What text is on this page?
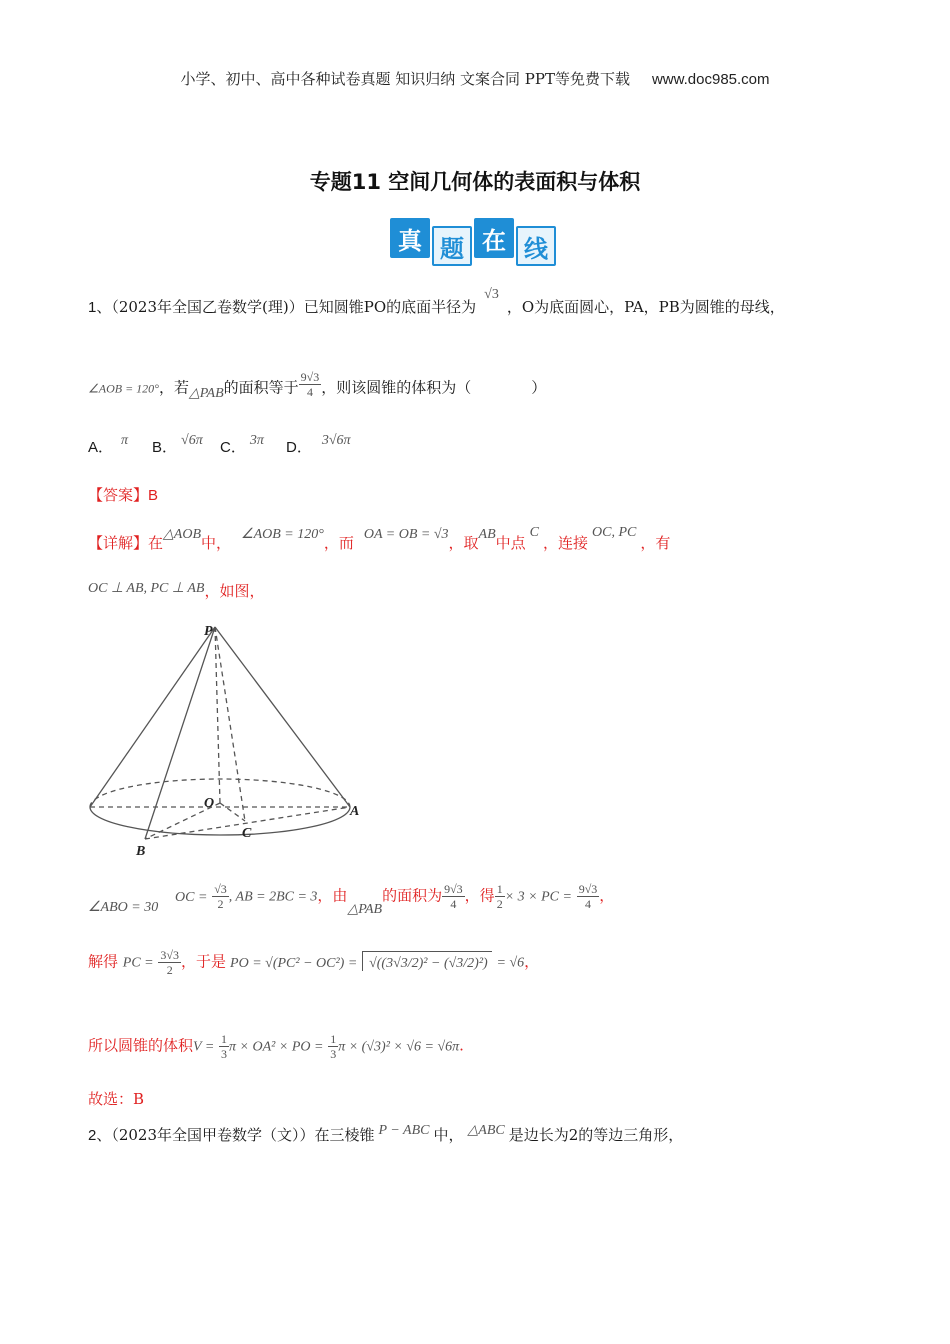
小学、初中、高中各种试卷真题 知识归纳 文案合同 PPT等免费下载 www.doc985.com
专题11 空间几何体的表面积与体积
真 题 在 线
1、（2023年全国乙卷数学(理)）已知圆锥PO的底面半径为√3，O为底面圆心，PA，PB为圆锥的母线，
∠AOB = 120°，若△PAB的面积等于 $\frac{9√3}{4}$ ，则该圆锥的体积为（　　　　）
A． π B． √6π C． 3π D． 3√6π
【答案】B
【详解】在△AOB中， ∠AOB = 120°，而 OA = OB = √3，取AB中点C，连接OC, PC，有
OC ⊥ AB, PC ⊥ AB，如图，
P
O
A
B
C
∠ABO = 30 OC = $\frac{√3}{2}$ , AB = 2BC = 3，由△PAB的面积为 $\frac{9√3}{4}$ ，得 $\frac{1}{2} \times 3$ × PC = $\frac{9√3}{4}$ ，
解得 PC = $\frac{3√3}{2}$ ，于是 PO = √(PC² − OC²) = √((3√3/2)² − (√3/2)²) = √6，
所以圆锥的体积$V = \frac{1}{3}$ π × OA² × PO = $\frac{1}{3}$ π × (√3)² × √6 = √6π.
故选：B
2、（2023年全国甲卷数学（文））在三棱锥 P − ABC 中， △ABC 是边长为2的等边三角形，
